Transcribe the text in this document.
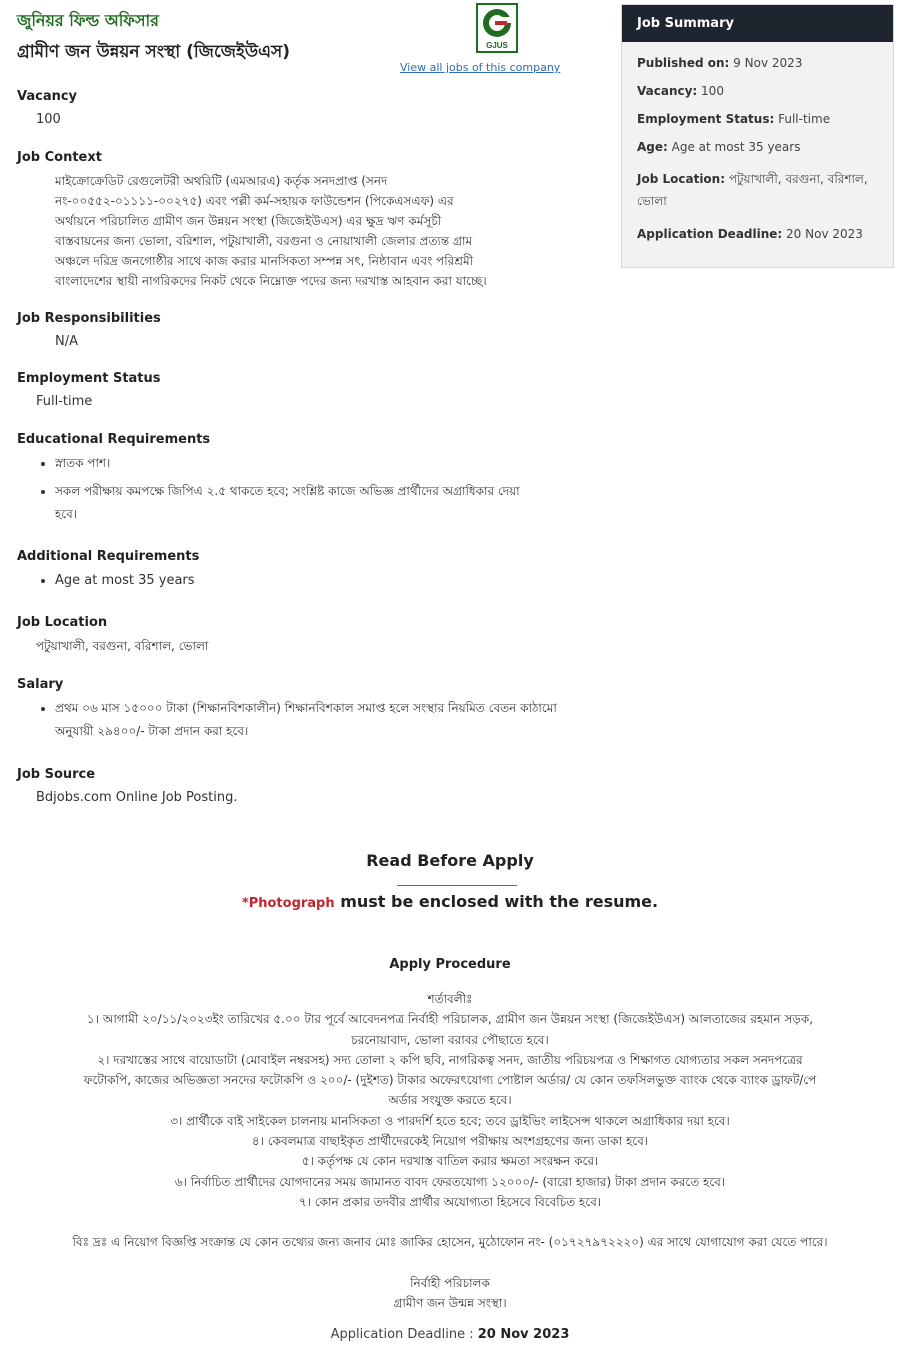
জুনিয়র ফিল্ড অফিসার
গ্রামীণ জন উন্নয়ন সংস্থা (জিজেইউএস)	GJUS
View all jobs of this company
Vacancy
100
Job Context
মাইক্রোক্রেডিট রেগুলেটরী অথরিটি (এমআরএ) কর্তৃক সনদপ্রাপ্ত (সনদ
নং-০০৫৫২-০১১১১-০০২৭৫) এবং পল্লী কর্ম-সহায়ক ফাউন্ডেশন (পিকেএসএফ) এর
অর্থায়নে পরিচালিত গ্রামীণ জন উন্নয়ন সংস্থা (জিজেইউএস) এর ক্ষুদ্র ঋণ কর্মসূচী
বাস্তবায়নের জন্য ভোলা, বরিশাল, পটুয়াখালী, বরগুনা ও নোয়াখালী জেলার প্রত্যন্ত গ্রাম
অঞ্চলে দরিদ্র জনগোষ্ঠীর সাথে কাজ করার মানসিকতা সম্পন্ন সৎ, নিষ্ঠাবান এবং পরিশ্রমী
বাংলাদেশের স্থায়ী নাগরিকদের নিকট থেকে নিম্নোক্ত পদের জন্য দরখাস্ত আহবান করা যাচ্ছে।
Job Responsibilities
N/A
Employment Status
Full-time
Educational Requirements
• স্নাতক পাশ।
• সকল পরীক্ষায় কমপক্ষে জিপিএ ২.৫ থাকতে হবে; সংশ্লিষ্ট কাজে অভিজ্ঞ প্রার্থীদের অগ্রাধিকার দেয়া হবে।
Additional Requirements
• Age at most 35 years
Job Location
পটুয়াখালী, বরগুনা, বরিশাল, ভোলা
Salary
• প্রথম ০৬ মাস ১৫০০০ টাকা (শিক্ষানবিশকালীন) শিক্ষানবিশকাল সমাপ্ত হলে সংস্থার নিয়মিত বেতন কাঠামো অনুযায়ী ২৯৪০০/- টাকা প্রদান করা হবে।
Job Source
Bdjobs.com Online Job Posting.
Job Summary
Published on: 9 Nov 2023
Vacancy: 100
Employment Status: Full-time
Age: Age at most 35 years
Job Location: পটুয়াখালী, বরগুনা, বরিশাল, ভোলা
Application Deadline: 20 Nov 2023
Read Before Apply
*Photograph must be enclosed with the resume.
Apply Procedure
শর্তাবলীঃ
১। আগামী ২০/১১/২০২৩ইং তারিখের ৫.০০ টার পূর্বে আবেদনপত্র নির্বাহী পরিচালক, গ্রামীণ জন উন্নয়ন সংস্থা (জিজেইউএস) আলতাজের রহমান সড়ক,
চরনোয়াবাদ, ভোলা বরাবর পৌছাতে হবে।
২। দরখাস্তের সাথে বায়োডাটা (মোবাইল নম্বরসহ) সদ্য তোলা ২ কপি ছবি, নাগরিকত্ব সনদ, জাতীয় পরিচয়পত্র ও শিক্ষাগত যোগ্যতার সকল সনদপত্রের
ফটোকপি, কাজের অভিজ্ঞতা সনদের ফটোকপি ও ২০০/- (দুইশত) টাকার অফেরৎযোগ্য পোষ্টাল অর্ডার/ যে কোন তফসিলভুক্ত ব্যাংক থেকে ব্যাংক ড্রাফট/পে
অর্ডার সংযুক্ত করতে হবে।
৩। প্রার্থীকে বাই সাইকেল চালনায় মানসিকতা ও পারদর্শি হতে হবে; তবে ড্রাইভিং লাইসেন্স থাকলে অগ্রাধিকার দয়া হবে।
৪। কেবলমাত্র বাছাইকৃত প্রার্থীদেরকেই নিয়োগ পরীক্ষায় অংশগ্রহণের জন্য ডাকা হবে।
৫। কর্তৃপক্ষ যে কোন দরখাস্ত বাতিল করার ক্ষমতা সংরক্ষন করে।
৬। নির্বাচিত প্রার্থীদের যোগদানের সময় জামানত বাবদ ফেরতযোগ্য ১২০০০/- (বারো হাজার) টাকা প্রদান করতে হবে।
৭। কোন প্রকার তদবীর প্রার্থীর অযোগ্যতা হিসেবে বিবেচিত হবে।
বিঃ দ্রঃ এ নিয়োগ বিজ্ঞপ্তি সংক্রান্ত যে কোন তথ্যের জন্য জনাব মোঃ জাকির হোসেন, মুঠোফোন নং- (০১৭২৭৯৭২২২০) এর সাথে যোগাযোগ করা যেতে পারে।
নির্বাহী পরিচালক
গ্রামীণ জন উন্মন্ন সংস্থা।
Application Deadline : 20 Nov 2023
